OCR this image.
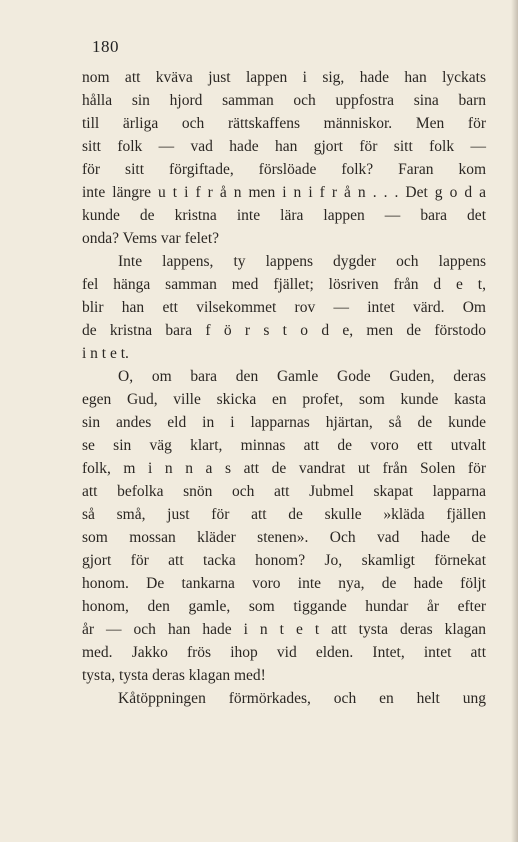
180
nom att kväva just lappen i sig, hade han lyckats
hålla sin hjord samman och uppfostra sina barn
till ärliga och rättskaffens människor. Men för
sitt folk — vad hade han gjort för sitt folk —
för sitt förgiftade, förslöade folk? Faran kom
inte längre u t i f r å n men i n i f r å n . . . Det g o d a
kunde de kristna inte lära lappen — bara det
onda? Vems var felet?
Inte lappens, ty lappens dygder och lappens
fel hänga samman med fjället; lösriven från d e t,
blir han ett vilsekommet rov — intet värd. Om
de kristna bara f ö r s t o d e, men de förstodo
i n t e t.
O, om bara den Gamle Gode Guden, deras
egen Gud, ville skicka en profet, som kunde kasta
sin andes eld in i lapparnas hjärtan, så de kunde
se sin väg klart, minnas att de voro ett utvalt
folk, m i n n a s att de vandrat ut från Solen för
att befolka snön och att Jubmel skapat lapparna
så små, just för att de skulle »kläda fjällen
som mossan kläder stenen». Och vad hade de
gjort för att tacka honom? Jo, skamligt förnekat
honom. De tankarna voro inte nya, de hade följt
honom, den gamle, som tiggande hundar år efter
år — och han hade i n t e t att tysta deras klagan
med. Jakko frös ihop vid elden. Intet, intet att
tysta, tysta deras klagan med!
Kåtöppningen förmörkades, och en helt ung
